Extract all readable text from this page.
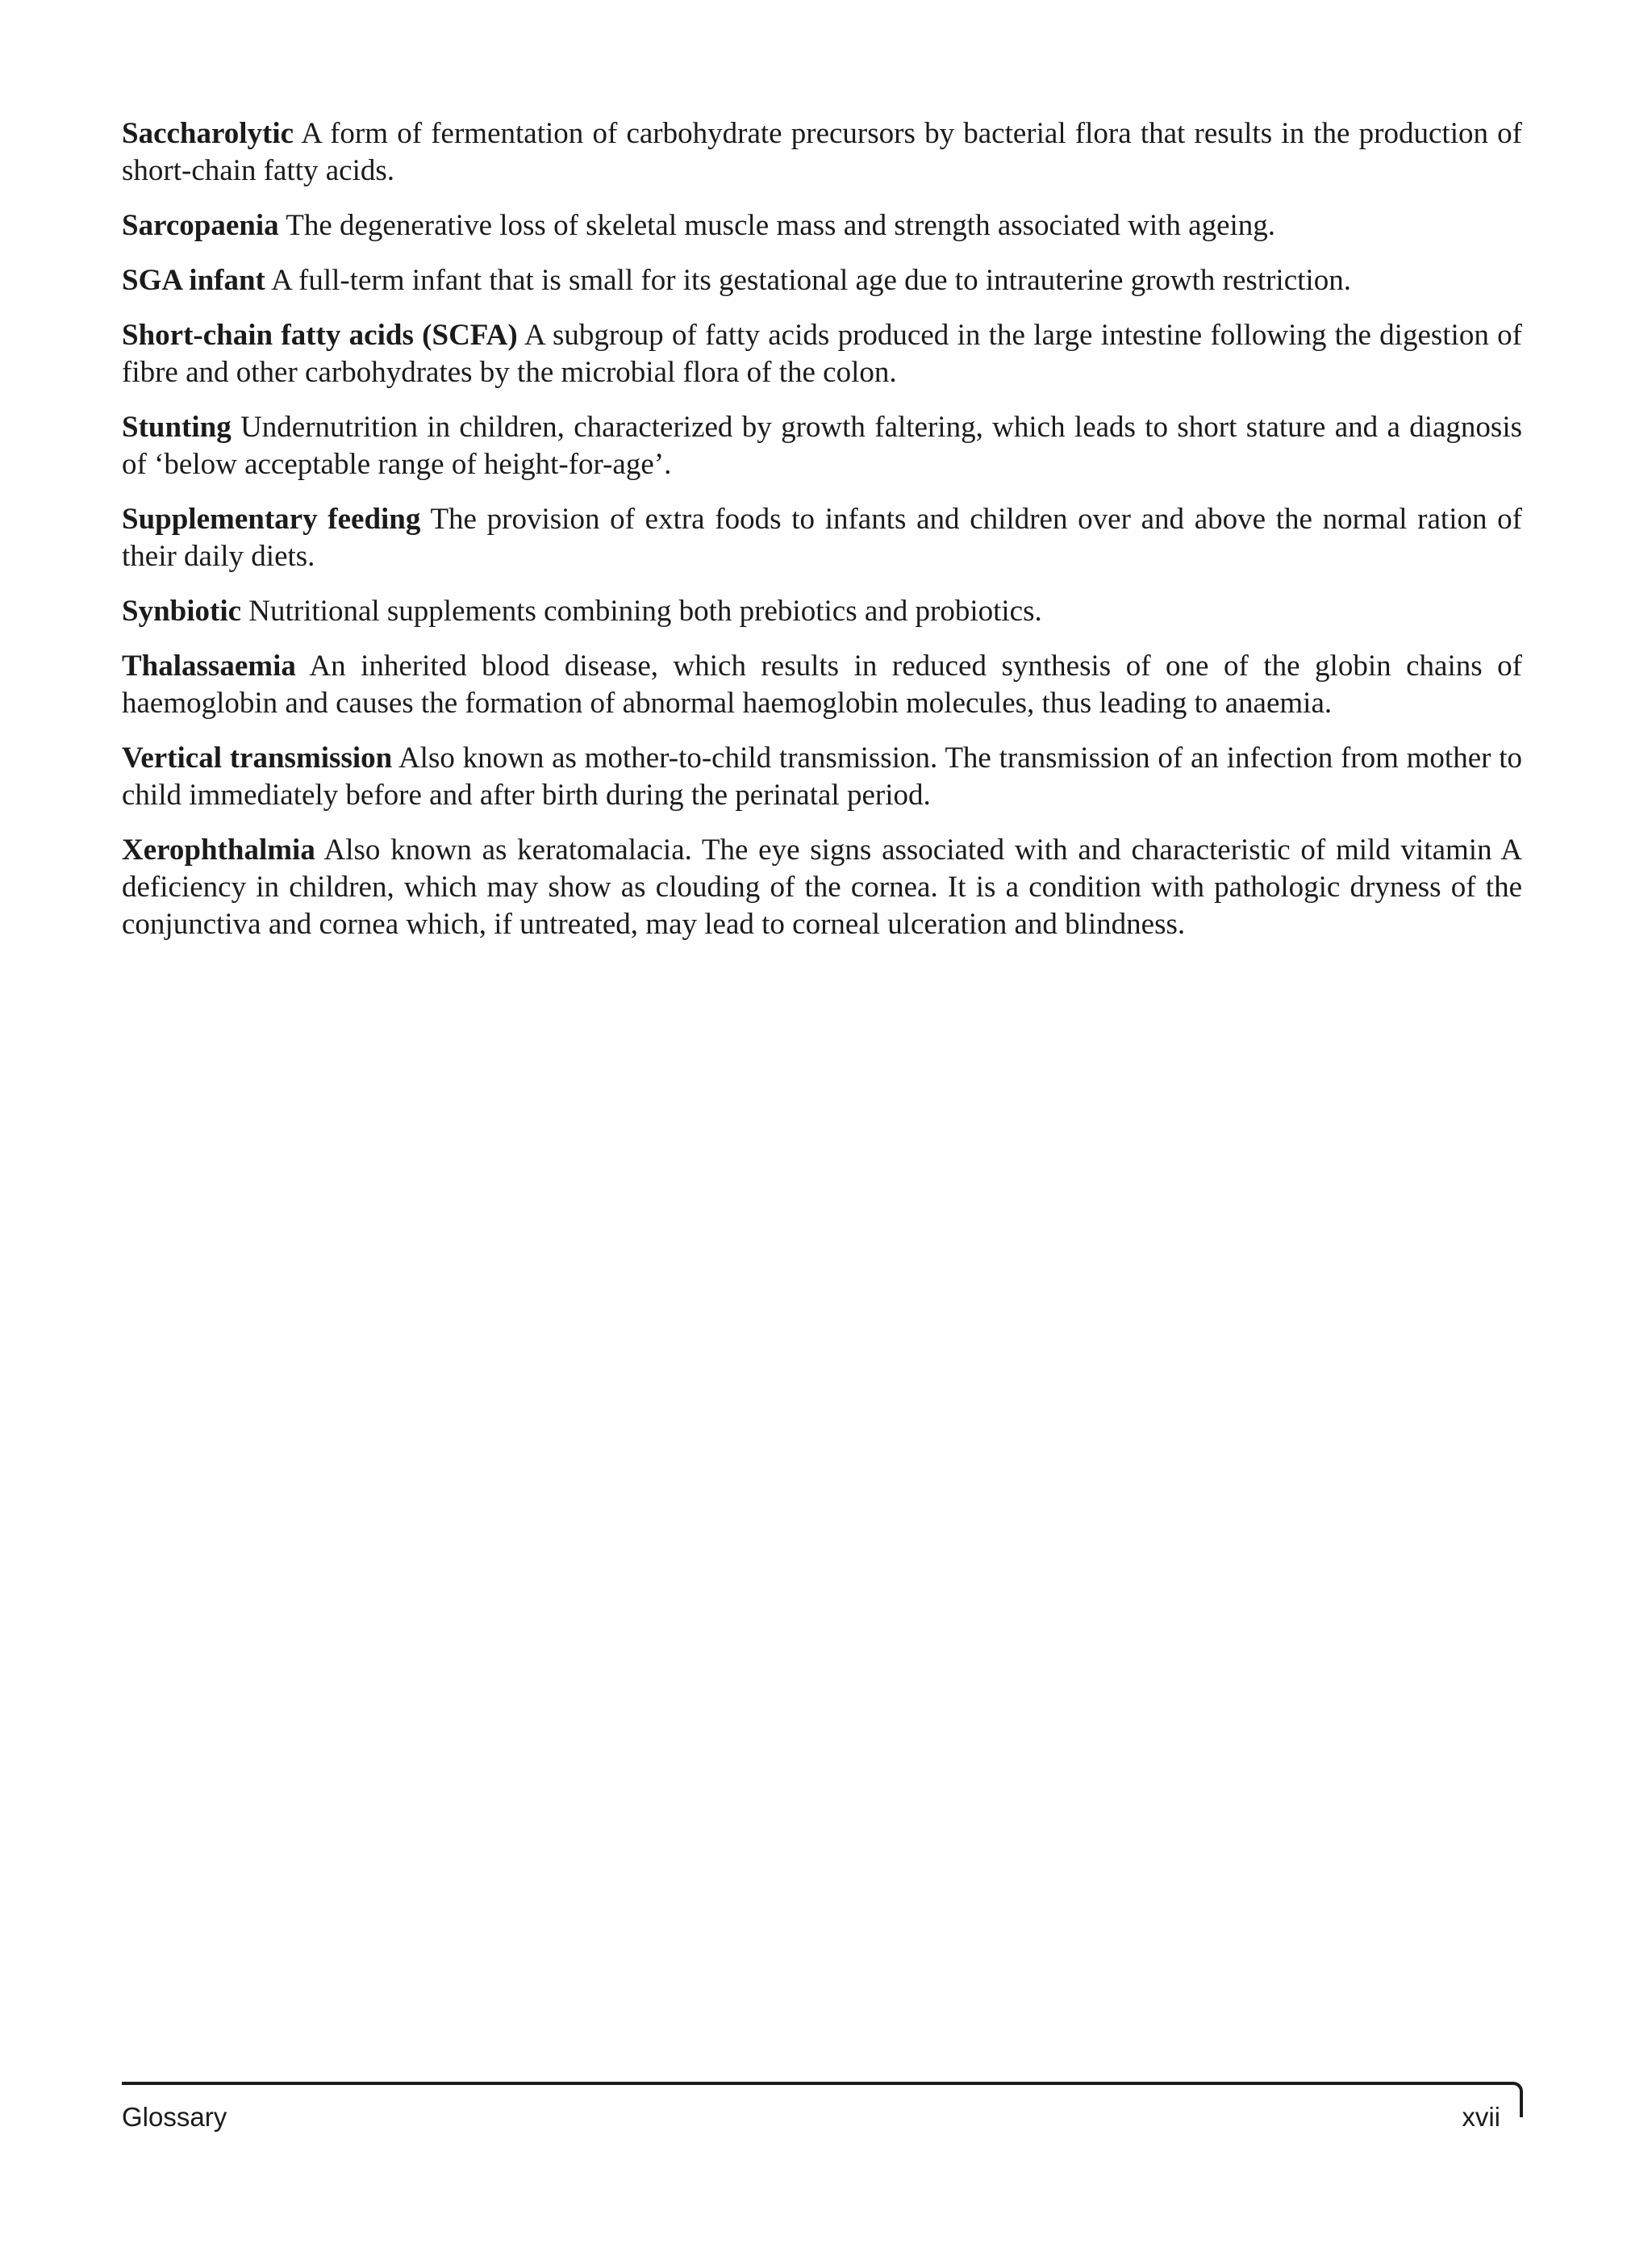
Saccharolytic A form of fermentation of carbohydrate precursors by bacterial flora that results in the production of short-chain fatty acids.

Sarcopaenia The degenerative loss of skeletal muscle mass and strength associated with ageing.

SGA infant A full-term infant that is small for its gestational age due to intrauterine growth restriction.

Short-chain fatty acids (SCFA) A subgroup of fatty acids produced in the large intestine following the digestion of fibre and other carbohydrates by the microbial flora of the colon.

Stunting Undernutrition in children, characterized by growth faltering, which leads to short stature and a diagnosis of ‘below acceptable range of height-for-age’.

Supplementary feeding The provision of extra foods to infants and children over and above the normal ration of their daily diets.

Synbiotic Nutritional supplements combining both prebiotics and probiotics.

Thalassaemia An inherited blood disease, which results in reduced synthesis of one of the globin chains of haemoglobin and causes the formation of abnormal haemoglobin molecules, thus leading to anaemia.

Vertical transmission Also known as mother-to-child transmission. The transmission of an infection from mother to child immediately before and after birth during the perinatal period.

Xerophthalmia Also known as keratomalacia. The eye signs associated with and characteristic of mild vitamin A deficiency in children, which may show as clouding of the cornea. It is a condition with pathologic dryness of the conjunctiva and cornea which, if untreated, may lead to corneal ulceration and blindness.

Glossary	xvii
